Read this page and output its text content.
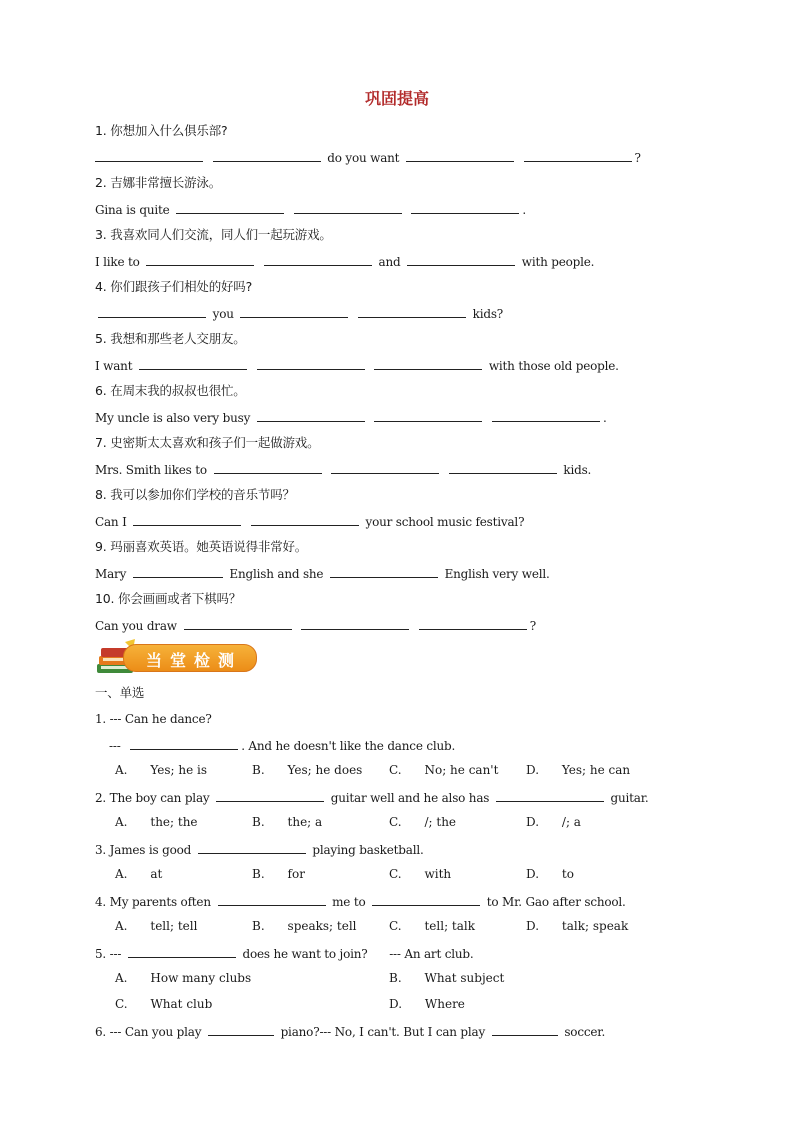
巩固提高
1. 你想加入什么俱乐部?
do you want	?
2. 吉娜非常擅长游泳。
Gina is quite	.
3. 我喜欢同人们交流，同人们一起玩游戏。
I like to	and	with people.
4. 你们跟孩子们相处的好吗?
you	kids?
5. 我想和那些老人交朋友。
I want	with those old people.
6. 在周末我的叔叔也很忙。
My uncle is also very busy	.
7. 史密斯太太喜欢和孩子们一起做游戏。
Mrs. Smith likes to	kids.
8. 我可以参加你们学校的音乐节吗？
Can I	your school music festival?
9. 玛丽喜欢英语。她英语说得非常好。
Mary	English and she	English very well.
10. 你会画画或者下棋吗？
Can you draw	?
当堂检测
一、单选
1. --- Can he dance?
---	. And he doesn't like the dance club.
A. Yes; he is	B. Yes; he does C. No; he can't D. Yes; he can
2. The boy can play	guitar well and he also has	guitar.
A. the; the	B. the; a	C. /; the	D. /; a
3. James is good	playing basketball.
A. at	B. for	C. with	D. to
4. My parents often	me to	to Mr. Gao after school.
A. tell; tell	B. speaks; tell	C. tell; talk	D. talk; speak
5. ---	does he want to join?      --- An art club.
A. How many clubs	B. What subject
C. What club	D. Where
6. --- Can you play	piano?--- No, I can't. But I can play	soccer.
